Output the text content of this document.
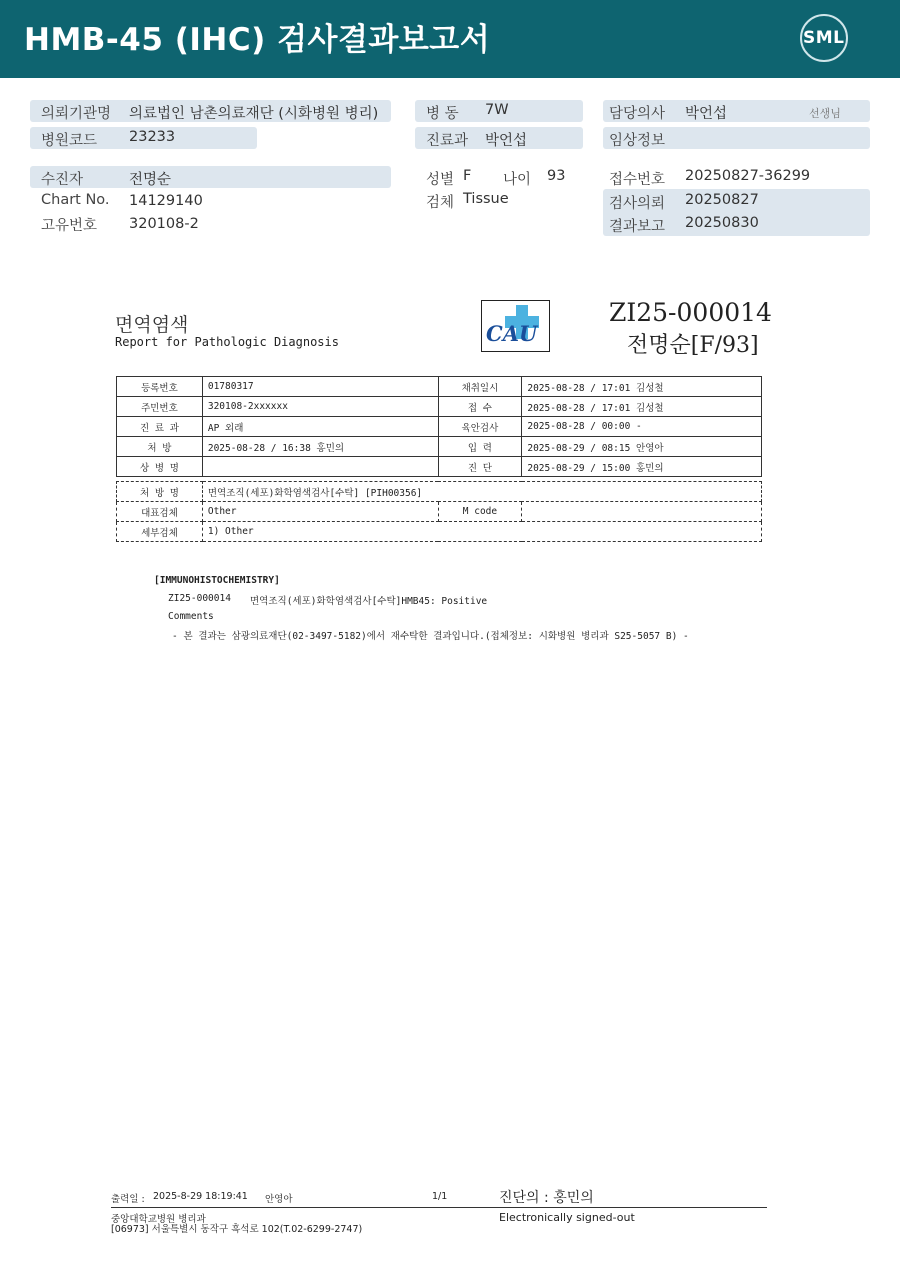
HMB-45 (IHC) 검사결과보고서	SML
의뢰기관명 의료법인 남촌의료재단 (시화병원 병리)
병원코드 23233
병 동 7W
진료과 박언섭
담당의사 박언섭	선생님
임상정보
수진자	전명순
Chart No. 14129140
고유번호 320108-2
성별 F 나이 93
검체 Tissue
접수번호 20250827-36299
검사의뢰 20250827
결과보고 20250830
면역염색
Report for Pathologic Diagnosis	CAU
ZI25-000014
전명순[F/93]
등록번호	01780317	채취일시	2025-08-28 / 17:01 김성철
주민번호	320108-2xxxxxx	접 수	2025-08-28 / 17:01 김성철
진 료 과	AP 외래	육안검사	2025-08-28 / 00:00 -
처 방	2025-08-28 / 16:38 홍민의	입 력	2025-08-29 / 08:15 안영아
상 병 명		진 단	2025-08-29 / 15:00 홍민의
처 방 명	면역조직(세포)화학염색검사[수탁] [PIH00356]		
대표검체	Other	M code	
세부검체	1) Other		
[IMMUNOHISTOCHEMISTRY]
ZI25-000014 면역조직(세포)화학염색검사[수탁]HMB45: Positive
Comments
- 본 결과는 삼광의료재단(02-3497-5182)에서 재수탁한 결과입니다.(접체정보: 시화병원 병리과 S25-5057 B) -
출력일 : 2025-8-29 18:19:41 안영아	1/1	진단의 : 홍민의
중앙대학교병원 병리과
[06973] 서울특별시 동작구 흑석로 102(T.02-6299-2747)
Electronically signed-out
